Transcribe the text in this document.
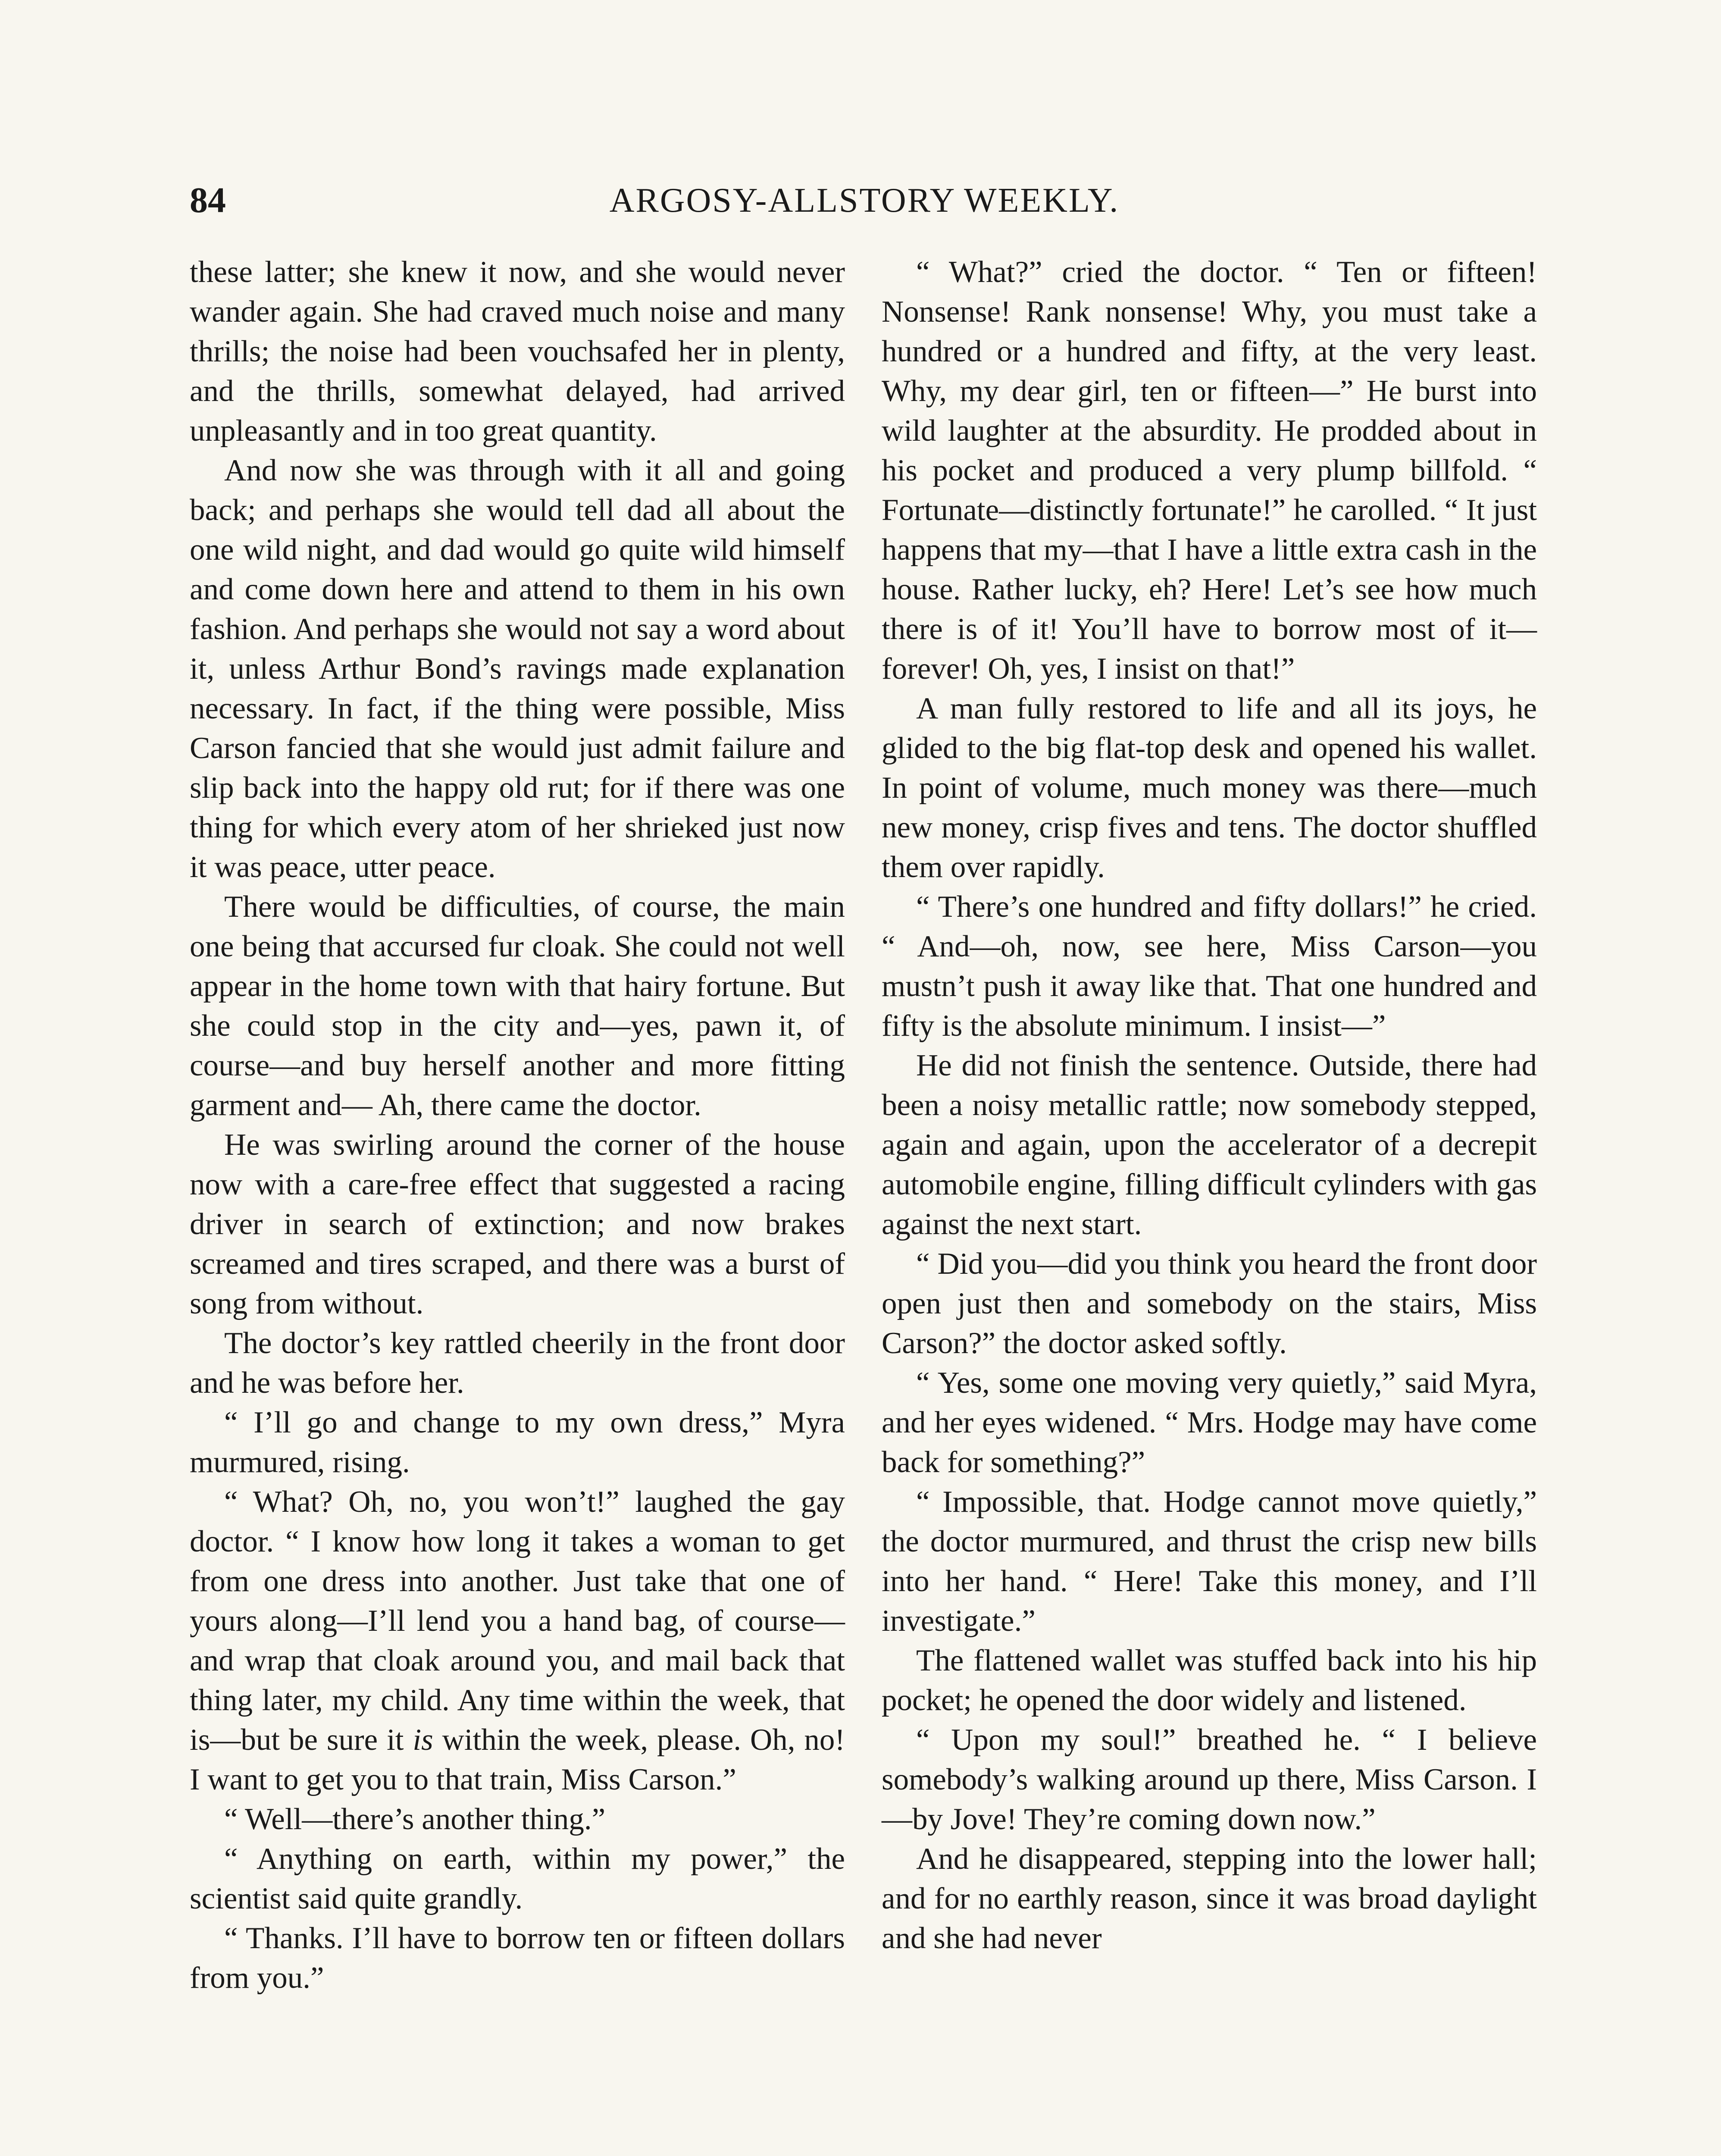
84	ARGOSY-ALLSTORY WEEKLY.

these latter; she knew it now, and she would never wander again. She had craved much noise and many thrills; the noise had been vouchsafed her in plenty, and the thrills, somewhat delayed, had arrived unpleasantly and in too great quantity.

And now she was through with it all and going back; and perhaps she would tell dad all about the one wild night, and dad would go quite wild himself and come down here and attend to them in his own fashion. And perhaps she would not say a word about it, unless Arthur Bond’s ravings made explanation necessary. In fact, if the thing were possible, Miss Carson fancied that she would just admit failure and slip back into the happy old rut; for if there was one thing for which every atom of her shrieked just now it was peace, utter peace.

There would be difficulties, of course, the main one being that accursed fur cloak. She could not well appear in the home town with that hairy fortune. But she could stop in the city and—yes, pawn it, of course—and buy herself another and more fitting garment and— Ah, there came the doctor.

He was swirling around the corner of the house now with a care-free effect that suggested a racing driver in search of extinction; and now brakes screamed and tires scraped, and there was a burst of song from without.

The doctor’s key rattled cheerily in the front door and he was before her.

“ I’ll go and change to my own dress,” Myra murmured, rising.

“ What? Oh, no, you won’t!” laughed the gay doctor. “ I know how long it takes a woman to get from one dress into another. Just take that one of yours along—I’ll lend you a hand bag, of course—and wrap that cloak around you, and mail back that thing later, my child. Any time within the week, that is—but be sure it is within the week, please. Oh, no! I want to get you to that train, Miss Carson.”

“ Well—there’s another thing.”

“ Anything on earth, within my power,” the scientist said quite grandly.

“ Thanks. I’ll have to borrow ten or fifteen dollars from you.”

“ What?” cried the doctor. “ Ten or fifteen! Nonsense! Rank nonsense! Why, you must take a hundred or a hundred and fifty, at the very least. Why, my dear girl, ten or fifteen—” He burst into wild laughter at the absurdity. He prodded about in his pocket and produced a very plump billfold. “ Fortunate—distinctly fortunate!” he carolled. “ It just happens that my—that I have a little extra cash in the house. Rather lucky, eh? Here! Let’s see how much there is of it! You’ll have to borrow most of it—forever! Oh, yes, I insist on that!”

A man fully restored to life and all its joys, he glided to the big flat-top desk and opened his wallet. In point of volume, much money was there—much new money, crisp fives and tens. The doctor shuffled them over rapidly.

“ There’s one hundred and fifty dollars!” he cried. “ And—oh, now, see here, Miss Carson—you mustn’t push it away like that. That one hundred and fifty is the absolute minimum. I insist—”

He did not finish the sentence. Outside, there had been a noisy metallic rattle; now somebody stepped, again and again, upon the accelerator of a decrepit automobile engine, filling difficult cylinders with gas against the next start.

“ Did you—did you think you heard the front door open just then and somebody on the stairs, Miss Carson?” the doctor asked softly.

“ Yes, some one moving very quietly,” said Myra, and her eyes widened. “ Mrs. Hodge may have come back for something?”

“ Impossible, that. Hodge cannot move quietly,” the doctor murmured, and thrust the crisp new bills into her hand. “ Here! Take this money, and I’ll investigate.”

The flattened wallet was stuffed back into his hip pocket; he opened the door widely and listened.

“ Upon my soul!” breathed he. “ I believe somebody’s walking around up there, Miss Carson. I—by Jove! They’re coming down now.”

And he disappeared, stepping into the lower hall; and for no earthly reason, since it was broad daylight and she had never
